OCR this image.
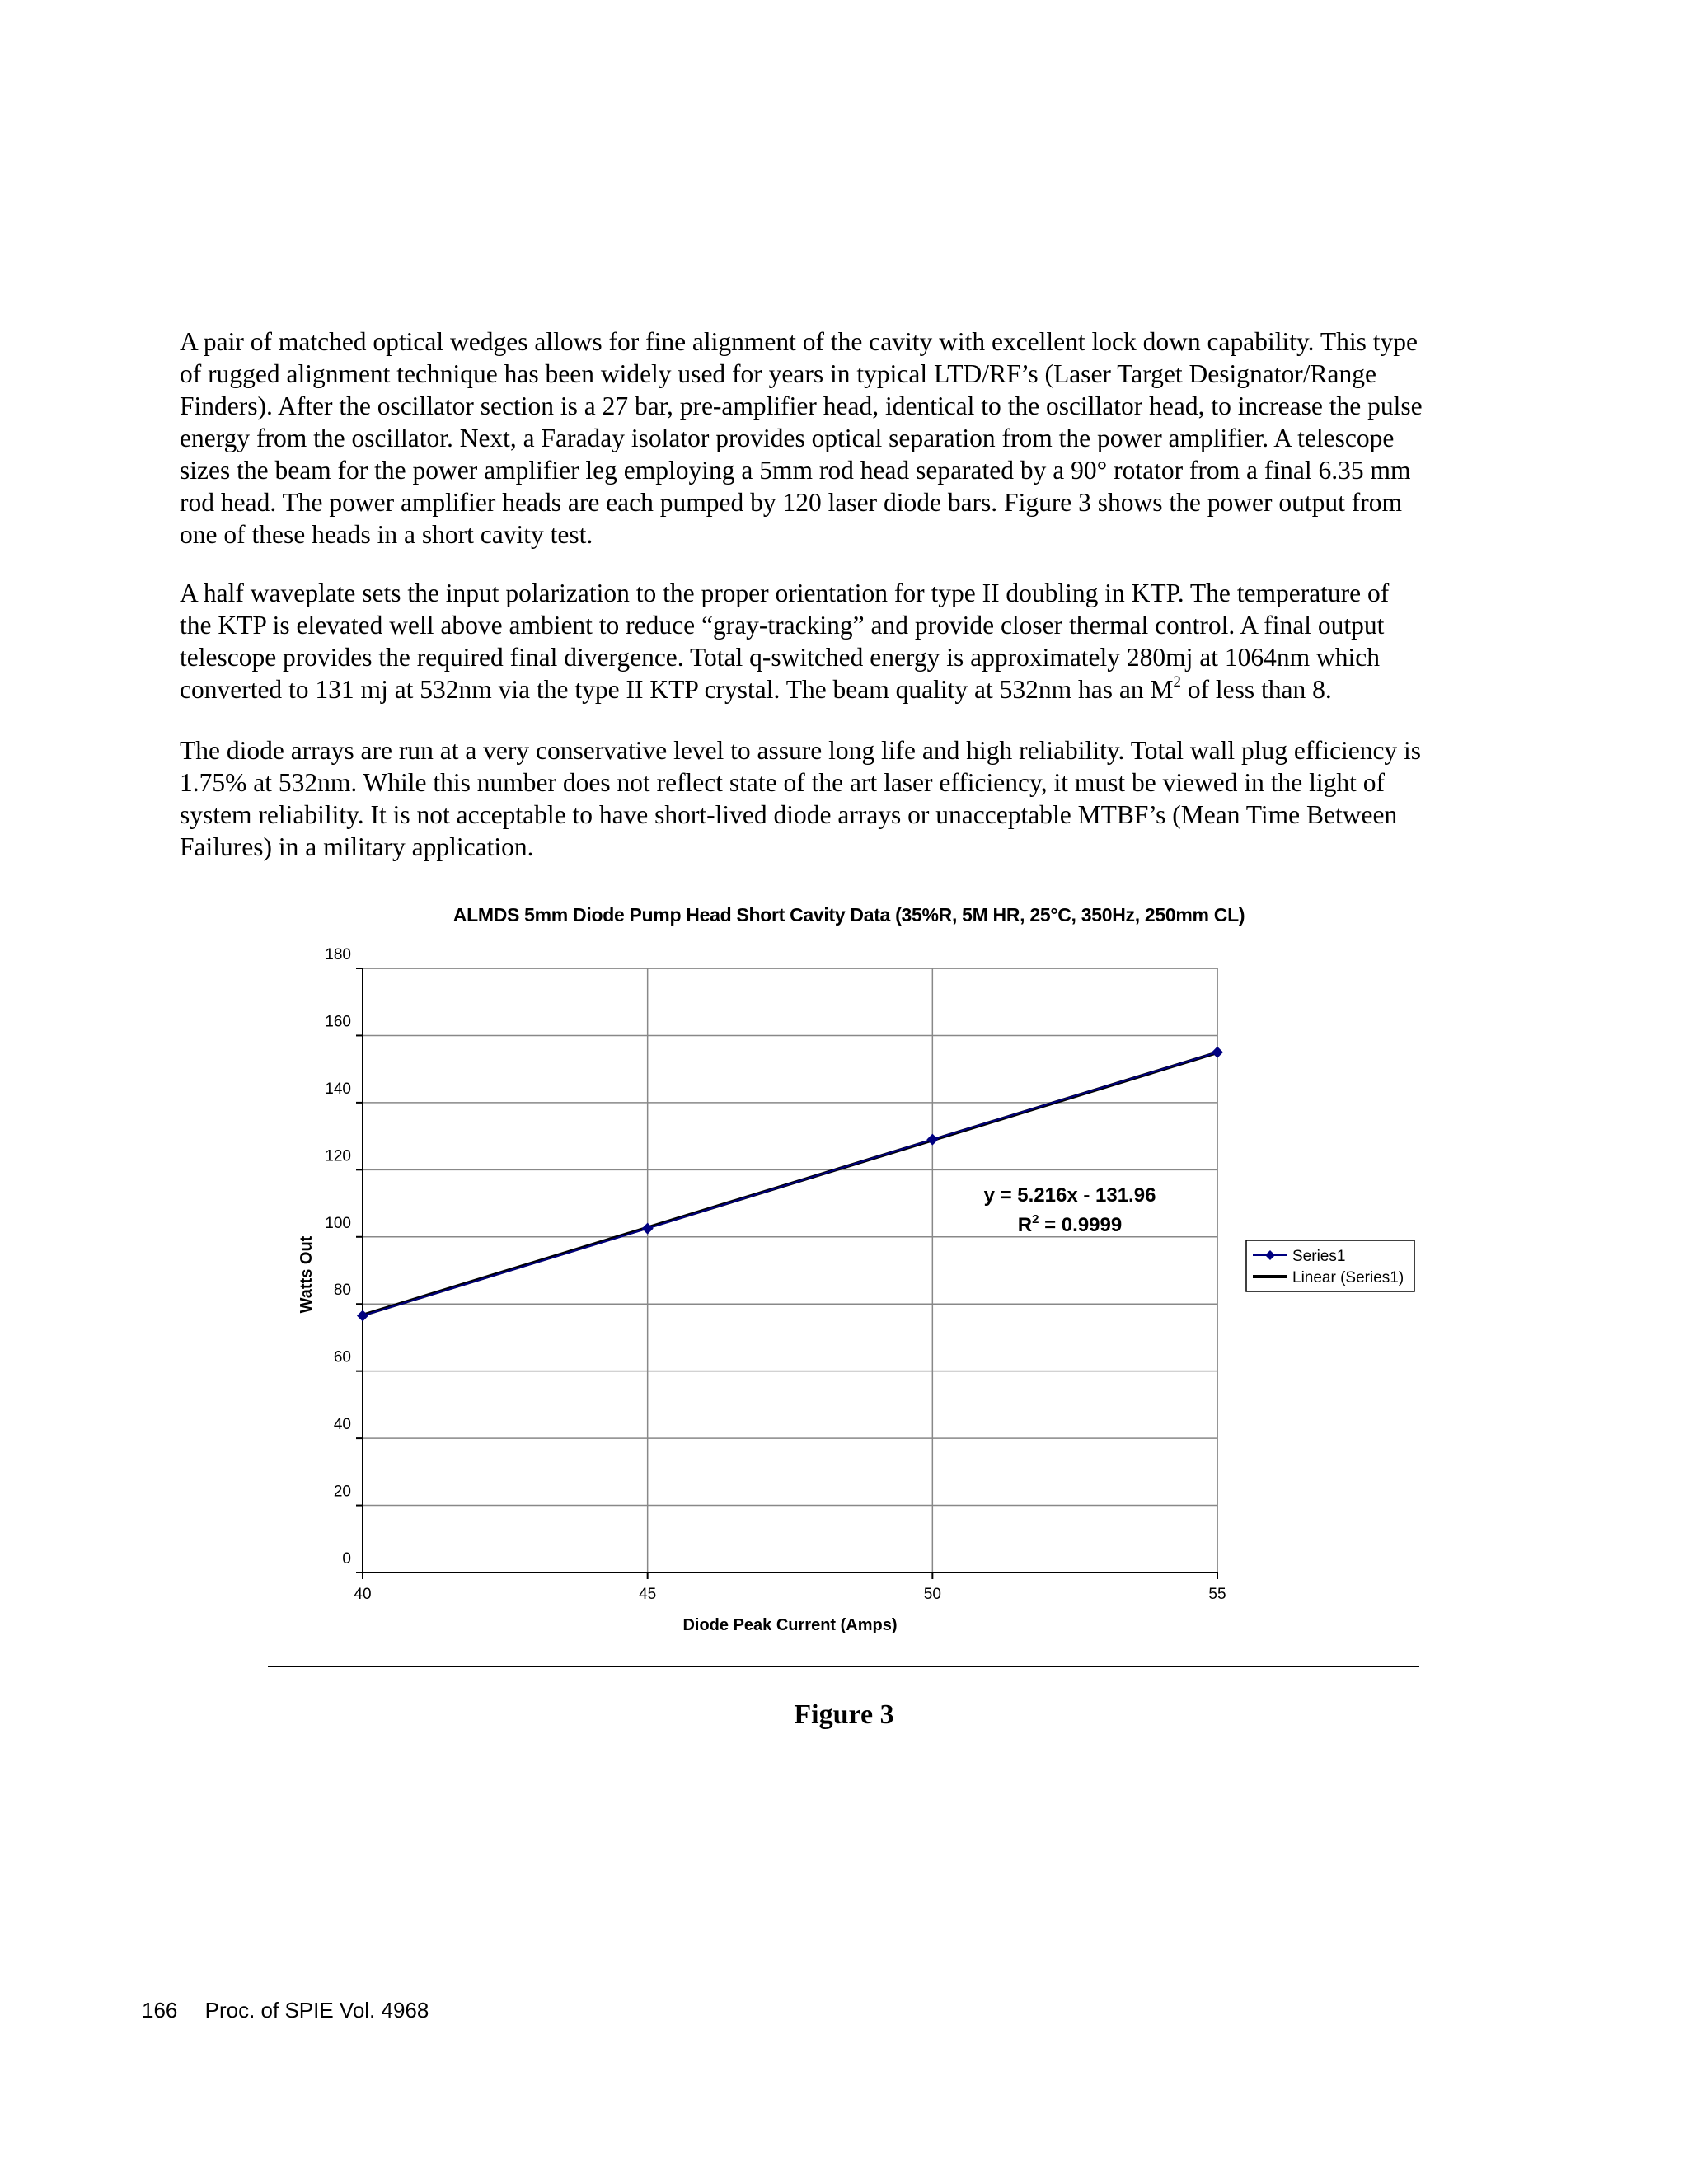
A pair of matched optical wedges allows for fine alignment of the cavity with excellent lock down capability. This type
of rugged alignment technique has been widely used for years in typical LTD/RF’s (Laser Target Designator/Range
Finders). After the oscillator section is a 27 bar, pre-amplifier head, identical to the oscillator head, to increase the pulse
energy from the oscillator. Next, a Faraday isolator provides optical separation from the power amplifier. A telescope
sizes the beam for the power amplifier leg employing a 5mm rod head separated by a 90° rotator from a final 6.35 mm
rod head. The power amplifier heads are each pumped by 120 laser diode bars. Figure 3 shows the power output from
one of these heads in a short cavity test.
A half waveplate sets the input polarization to the proper orientation for type II doubling in KTP. The temperature of
the KTP is elevated well above ambient to reduce “gray-tracking” and provide closer thermal control. A final output
telescope provides the required final divergence. Total q-switched energy is approximately 280mj at 1064nm which
converted to 131 mj at 532nm via the type II KTP crystal. The beam quality at 532nm has an $M^2$ of less than 8.
The diode arrays are run at a very conservative level to assure long life and high reliability. Total wall plug efficiency is
1.75% at 532nm. While this number does not reflect state of the art laser efficiency, it must be viewed in the light of
system reliability. It is not acceptable to have short-lived diode arrays or unacceptable MTBF’s (Mean Time Between
Failures) in a military application.
ALMDS 5mm Diode Pump Head Short Cavity Data (35%R, 5M HR, 25°C, 350Hz, 250mm CL)
0
20
40
60
80
100
120
140
160
180
40	45	50	55
Diode Peak Current (Amps)
Watts Out
y = 5.216x - 131.96
$R^2 = 0.9999$
Series1
Linear (Series1)
Figure 3
166 Proc. of SPIE Vol. 4968
